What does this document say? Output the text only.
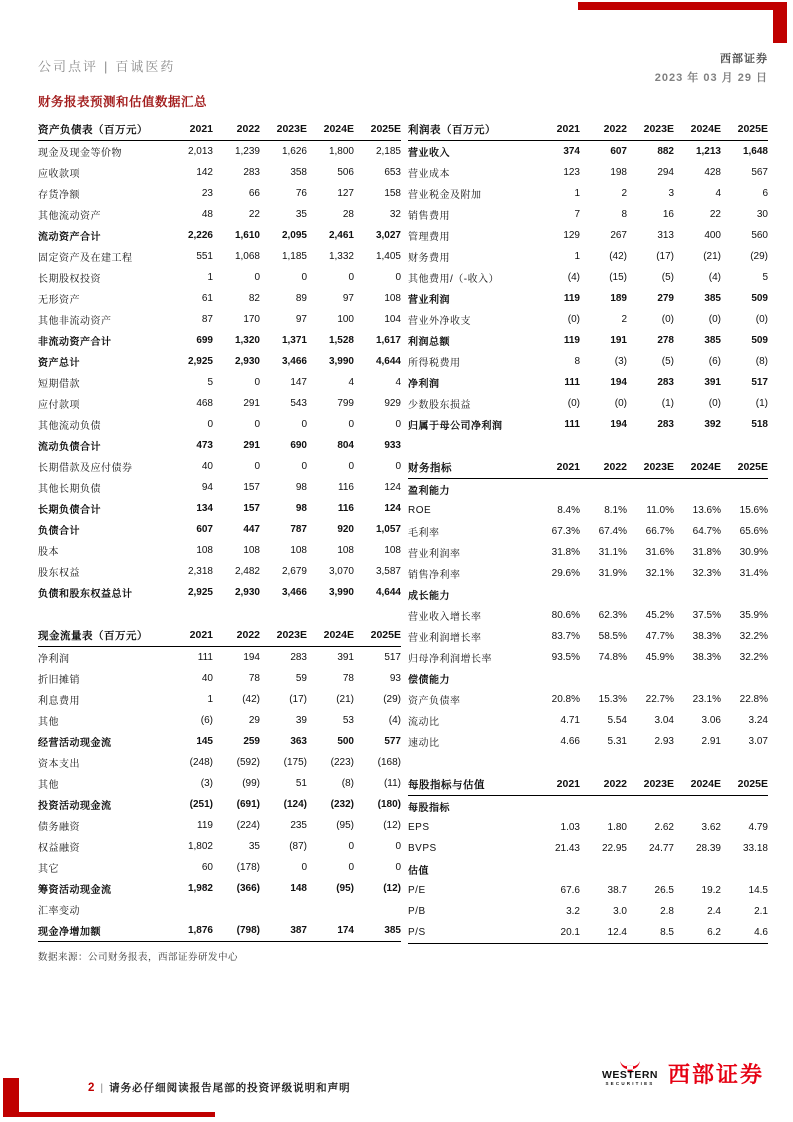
公司点评 | 百诚医药	西部证券
2023 年 03 月 29 日
财务报表预测和估值数据汇总
资产负债表（百万元）	2021	2022	2023E	2024E	2025E
现金及现金等价物	2,013	1,239	1,626	1,800	2,185
应收款项	142	283	358	506	653
存货净额	23	66	76	127	158
其他流动资产	48	22	35	28	32
流动资产合计	2,226	1,610	2,095	2,461	3,027
固定资产及在建工程	551	1,068	1,185	1,332	1,405
长期股权投资	1	0	0	0	0
无形资产	61	82	89	97	108
其他非流动资产	87	170	97	100	104
非流动资产合计	699	1,320	1,371	1,528	1,617
资产总计	2,925	2,930	3,466	3,990	4,644
短期借款	5	0	147	4	4
应付款项	468	291	543	799	929
其他流动负债	0	0	0	0	0
流动负债合计	473	291	690	804	933
长期借款及应付债券	40	0	0	0	0
其他长期负债	94	157	98	116	124
长期负债合计	134	157	98	116	124
负债合计	607	447	787	920	1,057
股本	108	108	108	108	108
股东权益	2,318	2,482	2,679	3,070	3,587
负债和股东权益总计	2,925	2,930	3,466	3,990	4,644
现金流量表（百万元）	2021	2022	2023E	2024E	2025E
净利润	111	194	283	391	517
折旧摊销	40	78	59	78	93
利息费用	1	(42)	(17)	(21)	(29)
其他	(6)	29	39	53	(4)
经营活动现金流	145	259	363	500	577
资本支出	(248)	(592)	(175)	(223)	(168)
其他	(3)	(99)	51	(8)	(11)
投资活动现金流	(251)	(691)	(124)	(232)	(180)
债务融资	119	(224)	235	(95)	(12)
权益融资	1,802	35	(87)	0	0
其它	60	(178)	0	0	0
筹资活动现金流	1,982	(366)	148	(95)	(12)
汇率变动
现金净增加额	1,876	(798)	387	174	385
数据来源：公司财务报表，西部证券研发中心
利润表（百万元）	2021	2022	2023E	2024E	2025E
营业收入	374	607	882	1,213	1,648
营业成本	123	198	294	428	567
营业税金及附加	1	2	3	4	6
销售费用	7	8	16	22	30
管理费用	129	267	313	400	560
财务费用	1	(42)	(17)	(21)	(29)
其他费用/（-收入）	(4)	(15)	(5)	(4)	5
营业利润	119	189	279	385	509
营业外净收支	(0)	2	(0)	(0)	(0)
利润总额	119	191	278	385	509
所得税费用	8	(3)	(5)	(6)	(8)
净利润	111	194	283	391	517
少数股东损益	(0)	(0)	(1)	(0)	(1)
归属于母公司净利润	111	194	283	392	518
财务指标	2021	2022	2023E	2024E	2025E
盈利能力
ROE	8.4%	8.1%	11.0%	13.6%	15.6%
毛利率	67.3%	67.4%	66.7%	64.7%	65.6%
营业利润率	31.8%	31.1%	31.6%	31.8%	30.9%
销售净利率	29.6%	31.9%	32.1%	32.3%	31.4%
成长能力
营业收入增长率	80.6%	62.3%	45.2%	37.5%	35.9%
营业利润增长率	83.7%	58.5%	47.7%	38.3%	32.2%
归母净利润增长率	93.5%	74.8%	45.9%	38.3%	32.2%
偿债能力
资产负债率	20.8%	15.3%	22.7%	23.1%	22.8%
流动比	4.71	5.54	3.04	3.06	3.24
速动比	4.66	5.31	2.93	2.91	3.07
每股指标与估值	2021	2022	2023E	2024E	2025E
每股指标
EPS	1.03	1.80	2.62	3.62	4.79
BVPS	21.43	22.95	24.77	28.39	33.18
估值
P/E	67.6	38.7	26.5	19.2	14.5
P/B	3.2	3.0	2.8	2.4	2.1
P/S	20.1	12.4	8.5	6.2	4.6
2 | 请务必仔细阅读报告尾部的投资评级说明和声明
WESTERN
SECURITIES 西部证券
